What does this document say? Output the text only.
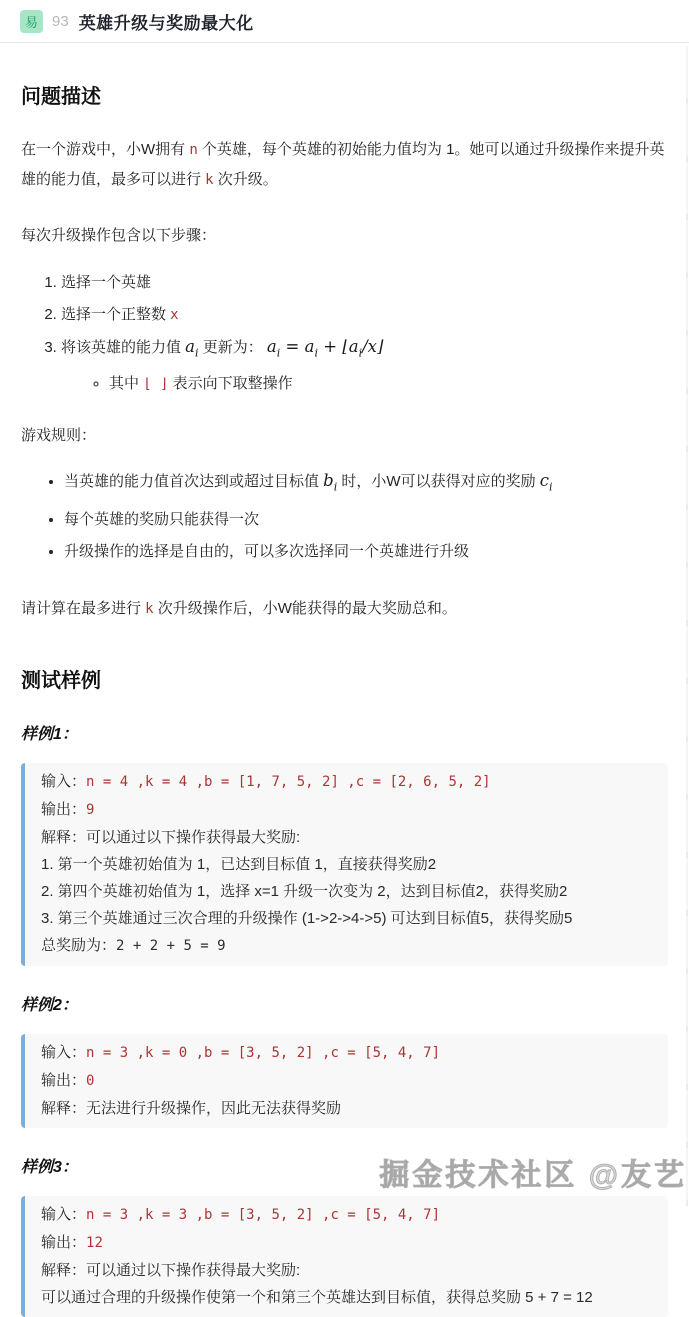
易 93 英雄升级与奖励最大化
问题描述

在一个游戏中，小W拥有 n 个英雄，每个英雄的初始能力值均为 1。她可以通过升级操作来提升英雄的能力值，最多可以进行 k 次升级。

每次升级操作包含以下步骤：

1. 选择一个英雄
2. 选择一个正整数 x
3. 将该英雄的能力值 $a_i$ 更新为： $a_i = a_i$ + $⌊a_i/x⌋$
◦ 其中 ⌊ ⌋ 表示向下取整操作

游戏规则：

• 当英雄的能力值首次达到或超过目标值 $b_i$ 时，小W可以获得对应的奖励 $c_i$
• 每个英雄的奖励只能获得一次
• 升级操作的选择是自由的，可以多次选择同一个英雄进行升级

请计算在最多进行 k 次升级操作后，小W能获得的最大奖励总和。

测试样例
样例1：
输入：n = 4 ,k = 4 ,b = [1, 7, 5, 2] ,c = [2, 6, 5, 2]
输出：9
解释：可以通过以下操作获得最大奖励:
1. 第一个英雄初始值为 1，已达到目标值 1，直接获得奖励2
2. 第四个英雄初始值为 1，选择 x=1 升级一次变为 2，达到目标值2，获得奖励2
3. 第三个英雄通过三次合理的升级操作 (1->2->4->5) 可达到目标值5，获得奖励5
总奖励为：2 + 2 + 5 = 9
样例2：
输入：n = 3 ,k = 0 ,b = [3, 5, 2] ,c = [5, 4, 7]
输出：0
解释：无法进行升级操作，因此无法获得奖励
样例3：
输入：n = 3 ,k = 3 ,b = [3, 5, 2] ,c = [5, 4, 7]
输出：12
解释：可以通过以下操作获得最大奖励:
可以通过合理的升级操作使第一个和第三个英雄达到目标值，获得总奖励 5 + 7 = 12
掘金技术社区 @友艺
